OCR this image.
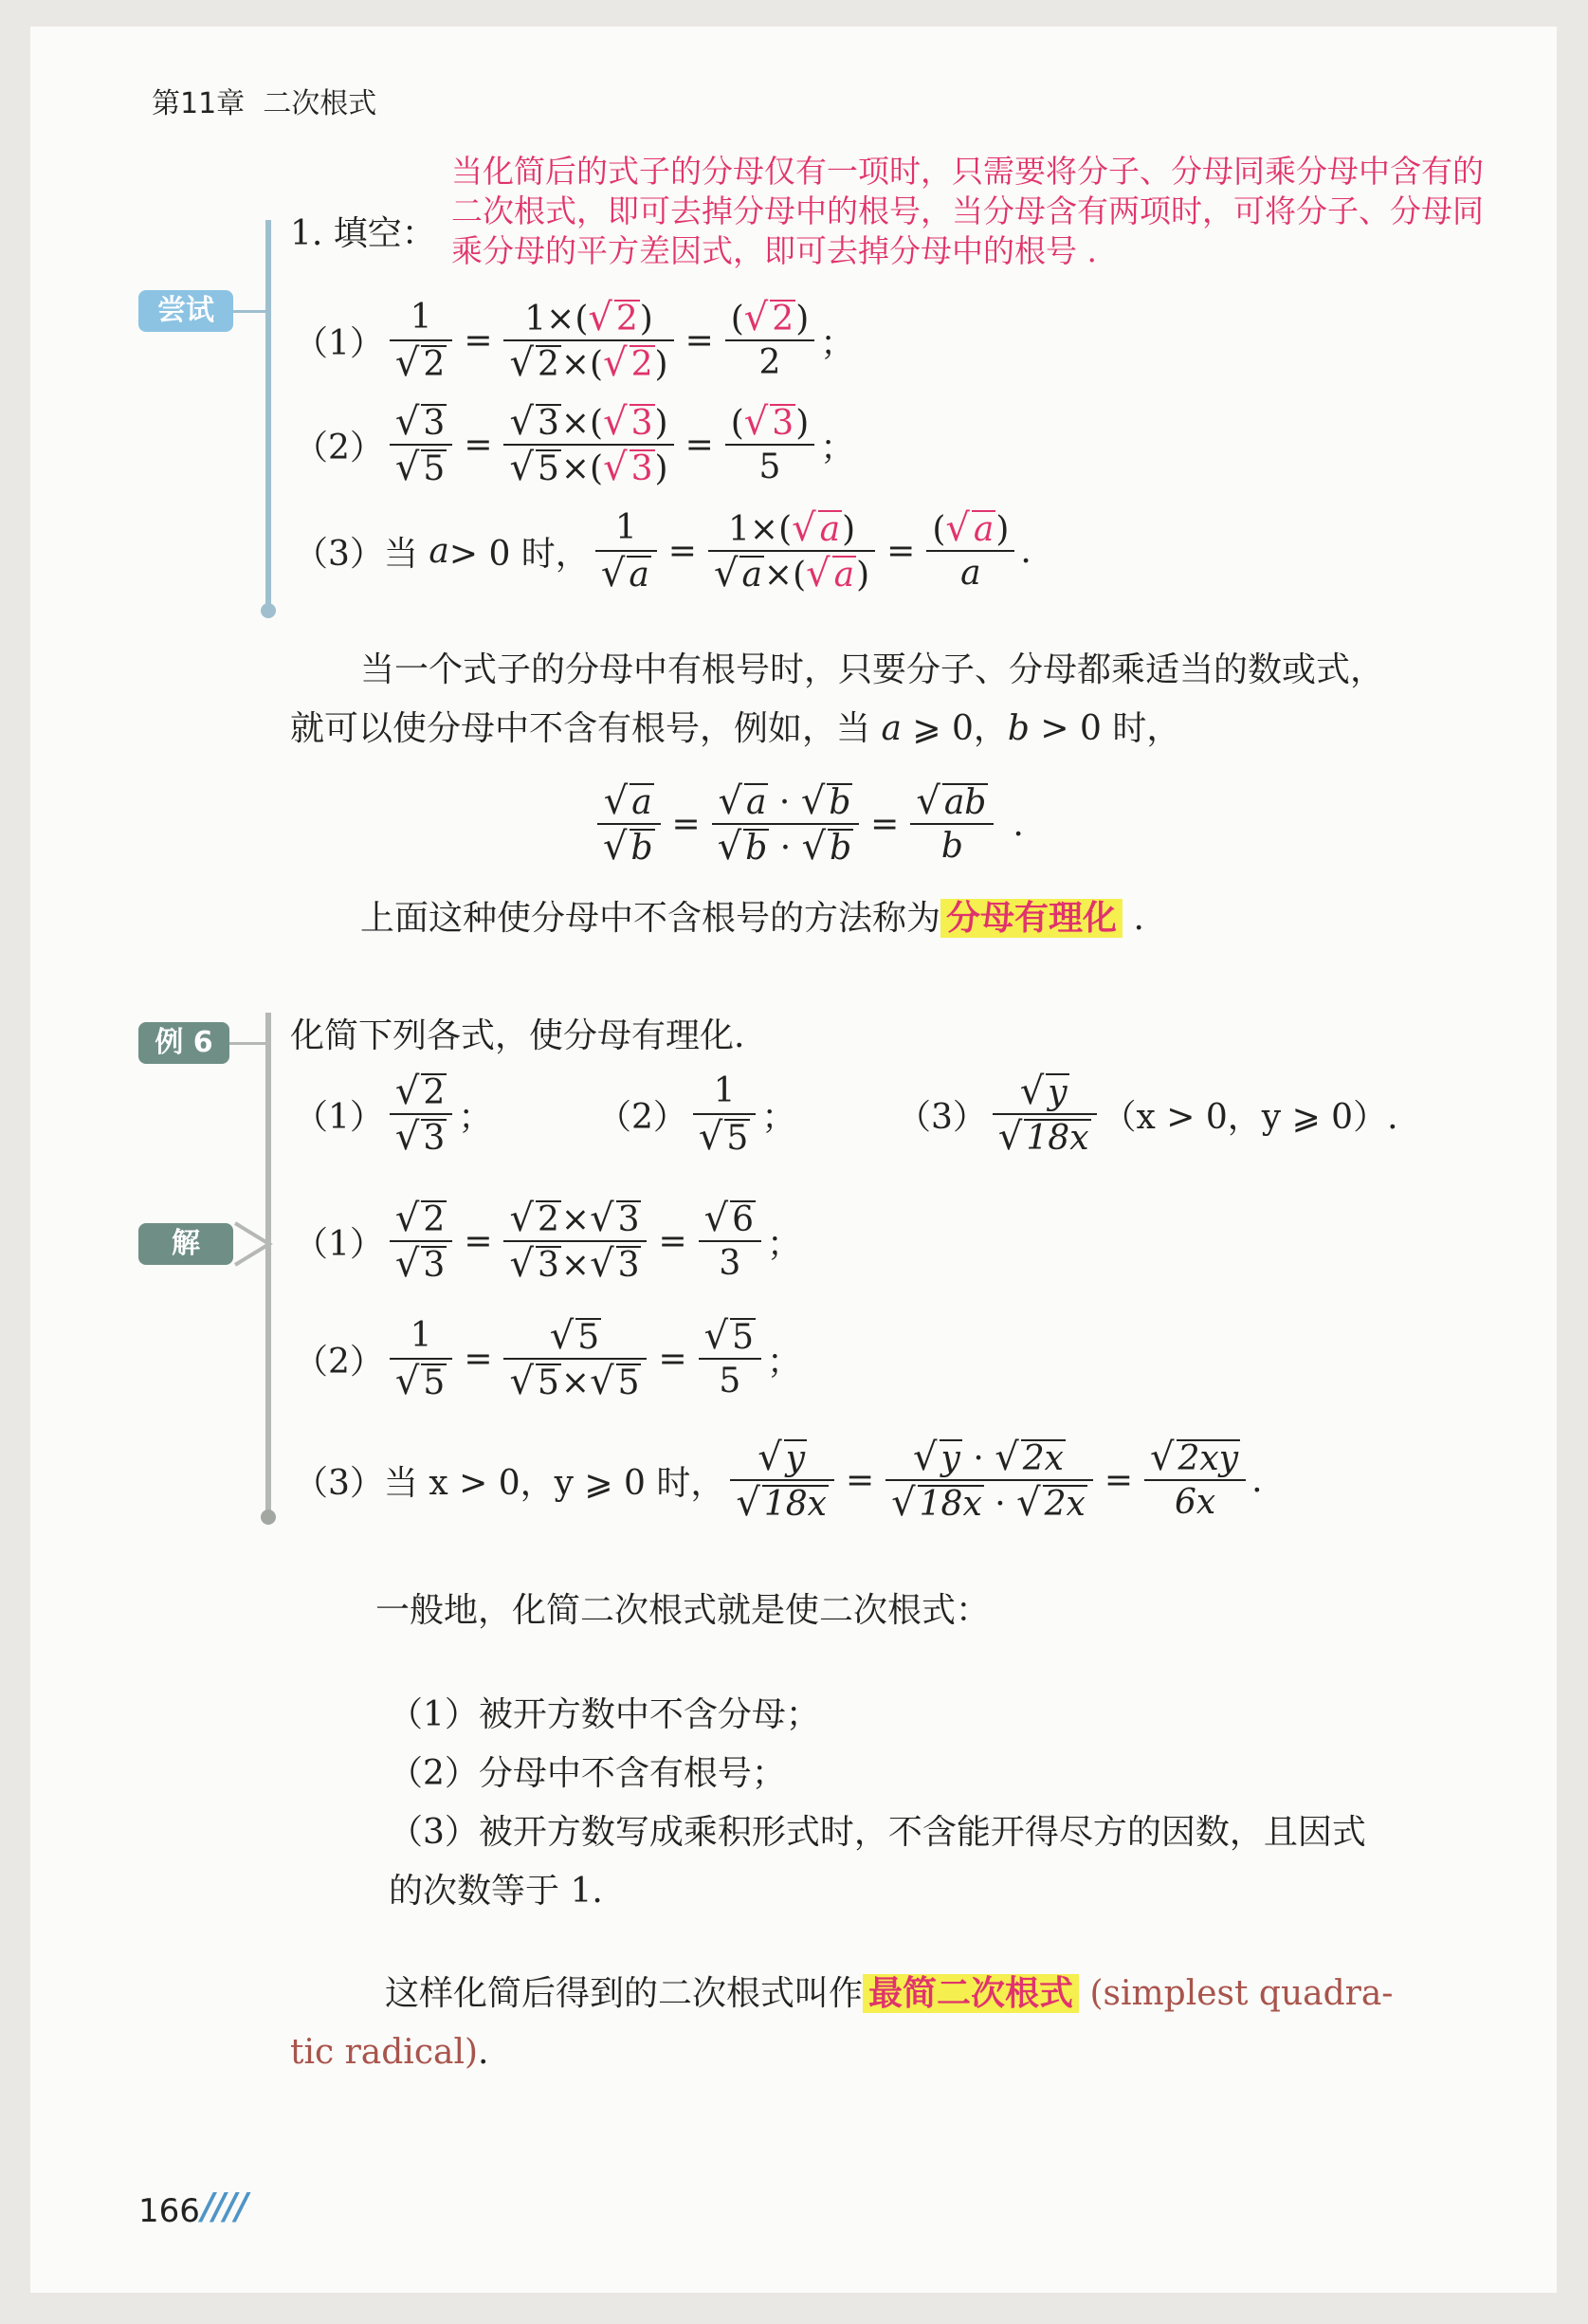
第11章 二次根式
当化简后的式子的分母仅有一项时，只需要将分子、分母同乘分母中含有的二次根式，即可去掉分母中的根号，当分母含有两项时，可将分子、分母同乘分母的平方差因式，即可去掉分母中的根号 .
尝试
1. 填空：
$(1) \frac{1}{√ 2} = \frac{1\times(√ 2)}{√ 2\times(√ 2)} = \frac{(√ 2)}{2}$ ；
$(2) \frac{√ 3}{√ 5} = \frac{√ 3\times(√ 3)}{√ 5\times(√ 3)} = \frac{(√ 3)}{5}$ ；
（3） 当
a > 0 时， $\frac{1}{√ a} = \frac{1\times(√ a)}{√ a\times(√ a)} = \frac{(√ a)}{a}$ .
当一个式子的分母中有根号时，只要分子、分母都乘适当的数或式，
就可以使分母中不含有根号，例如，当 a ⩾ 0，b > 0 时，
$\frac{√ a}{√ b} = \frac{√ a \cdot √ b}{√ b \cdot √ b} = \frac{√ ab}{b}$ .
上面这种使分母中不含根号的方法称为 分母有理化 .
例 6	化简下列各式，使分母有理化.
$(1) \frac{√ 2}{√ 3}$ ；	$(2) \frac{1}{√ 5}$ ；	$(3) \frac{√ y}{√ 18x} (x > 0$，y ⩾ 0）.
解	$(1) \frac{√ 2}{√ 3} = \frac{√ 2\times√ 3}{√ 3\times√ 3} = \frac{√ 6}{3}$ ；
$(2) \frac{1}{√ 5} = \frac{√ 5}{√ 5\times√ 5} = \frac{√ 5}{5}$ ；
（3） 当 x > 0，y ⩾ 0 时， $\frac{√ y}{√ 18x} = \frac{√ y \cdot √ 2x}{√ 18x \cdot √ 2x} = \frac{√ 2xy}{6x}$ .
一般地，化简二次根式就是使二次根式：
（1）被开方数中不含分母；
（2）分母中不含有根号；
（3）被开方数写成乘积形式时，不含能开得尽方的因数，且因式
的次数等于 1.
这样化简后得到的二次根式叫作 最简二次根式 (simplest quadra-
tic radical).
166 ////
